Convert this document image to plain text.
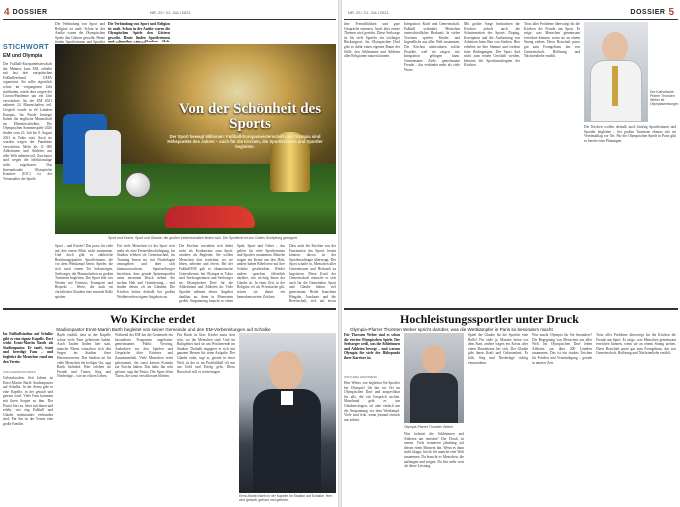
4 DOSSIER	NR. 29 / 21. JULI 2021
STICHWORT
EM und Olympia
Die Fußball-Europameisterschaft der Männer, kurz EM, erhielte mit fast drei europäischen Fußballverband UEFA organisiert. Sie sollte eigentlich schon im vergangenen Jahr stattfinden, wurde aber wegen der Corona-Pandemie um ein Jahr verschoben. An der EM 2021 nahmen 24 Mannschaften teil. Gespielt wurde in elf Ländern Europas. Im Finale besiegte Italien die englische Mannschaft im Elfmeterschießen. Die Olympischen Sommerspiele 2020 finden vom 23. Juli bis 8. August 2021 in Tokio statt. Auch sie wurden wegen der Pandemie verschoben. Mehr als 11 000 Athletinnen und Athleten aus aller Welt nehmen teil, Zuschauer sind wegen der Infektionslage nicht zugelassen. Das Internationale Olympische Komitee (IOC) ist der Veranstalter der Spiele.
Die Verbindung von Sport und Religion ist uralt. Schon in der Antike waren die Olympischen Spiele den Göttern geweiht. Heute finden Sportlerinnen
VON SEBASTIAN WERNER
Von der Schönheit des Sports
Der Sport bewegt Millionen: Fußball-Europameisterschaft und Olympia sind Höhepunkte des Jahres – auch für die Kirchen, die Sportlerinnen und Sportler begleiten.
Sport und Kirche, Sport und Glaube, die großen Leidenschaften finden sich. Die Sportlerin ist von Gottes Schöpfung gesegnet.
Die Verbindung von Sport und Religion ist uralt. Schon in der Antike waren die Olympischen Spiele den Göttern geweiht. Heute finden Sportlerinnen und Sportler
Sport – und Kirche? Das passt für viele auf den ersten Blick nicht zusammen. Und doch gibt es zahlreiche Berührungspunkte: Sportlerinnen, die vor dem Wettkampf beten, Spieler, die sich nach einem Tor bekreuzigen, Seelsorger, die Mannschaften zu großen Turnieren begleiten. Der Sport lebt von Werten wie Fairness, Teamgeist und Respekt – Werte, die auch im christlichen Glauben eine zentrale Rolle spielen.
Für viele Menschen ist der Sport weit mehr als eine Freizeitbeschäftigung. Im Stadion erleben sie Gemeinschaft, im Training lernen sie, mit Niederlagen umzugehen und über sich hinauszuwachsen. Sportseelsorger berichten, dass gerade Spitzensportler unter enormem Druck stehen. Sie suchen Halt und Orientierung – und finden diesen oft im Glauben. Die Kirchen bieten deshalb bei großen Wettbewerben eigene Angebote an.
Die Kirchen verstehen sich dabei nicht als Konkurrenz zum Sport, sondern als Begleiter. Sie wollen Menschen dort erreichen, wo sie leben, arbeiten und feiern. Bei der Fußball-EM gab es ökumenische Gottesdienste, bei Olympia in Tokio sind Seelsorgerinnen und Seelsorger im Olympischen Dorf für die Athletinnen und Athleten da. Viele Sportler nehmen dieses Angebot dankbar an, denn in Momenten großer Anspannung braucht es einen
Spiel, Sport und Gebet – das gehört für viele Sportlerinnen und Sportler zusammen. Manche tragen ein Kreuz um den Hals, andere haben Bibelverse auf ihre Schuhe geschrieben. Wieder andere sprechen öffentlich darüber, wie wichtig ihnen der Glaube ist. In einer Zeit, in der Religion oft als Privatsache gilt, setzen sie damit ein bemerkenswertes Zeichen.
Dass auch die Kirchen von der Faszination des Sports lernen können, davon ist der Sportbeauftragte überzeugt. Der Sport schaffe es, Menschen aller Generationen und Herkunft zu begeistern. Diese Kraft der Gemeinschaft wünsche er sich auch für die Gemeinden. Sport und Glaube hätten viel gemeinsam: Beide brauchten Hingabe, Ausdauer und die Bereitschaft, sich auf etwas
Wo Kirche erdet
Stadionpastor Ernst-Martin Barth begleitet von seiner Gemeinde und den EM-Vorbereitungen auf Schalke
Im Fußballstadion auf Schalke gibt es eine eigene Kapelle. Dort wirkt Ernst-Martin Barth als Stadionpastor. Er tauft, traut und beerdigt Fans – und begleitet die Menschen rund um den Verein.
VON CHRISTIAN WOLF
Gelsenkirchen. Seit Jahren ist Ernst-Martin Barth Stadionpastor auf Schalke. In der Arena gibt es eine Kapelle, in der getauft und getraut wird. Viele Fans kommen mit ihren Sorgen zu ihm. Der Pastor hört zu, betet mit ihnen und erlebt, wie eng Fußball und Glaube miteinander verbunden sind. Für ihn ist der Verein eine große Familie.
Barth erzählt, dass in der Kapelle schon viele Fans geheiratet haben. Auch Taufen finden hier statt, manche Eltern wünschen sich den Segen im Stadion ihres Herzensvereins. Das Stadion sei für viele Menschen ein heiliger Ort, sagt Barth lächelnd. Hier erleben sie Freude und Trauer, Sieg und Niederlage – wie im echten Leben.
Während der EM hat die Gemeinde ein besonderes Programm angeboten: gemeinsames Public Viewing, Andachten vor den Spielen und Gespräche über Fairness und Zusammenhalt. Viele Menschen seien gekommen, die sonst keinen Kontakt zur Kirche hätten. Das habe ihn sehr gefreut, sagt der Pastor. Der Sport öffne Türen, die sonst verschlossen blieben.
Für Barth ist klar: Kirche muss dort sein, wo die Menschen sind. Und im Ruhrgebiet sind sie am Wochenende im Stadion. Deshalb engagiert er sich mit ganzem Herzen für seine Aufgabe. Der Glaube erdet, sagt er, gerade in einer Welt, in der es im Profifußball oft nur um Geld und Erfolg geht. Diese Botschaft will er weitertragen.
Ernst-Martin Barth in der Kapelle im Stadion auf Schalke. Hier wird getauft, getraut und gebetet.
NR. 29 / 21. JULI 2021	DOSSIER 5
ihre Freundlichkeit und gute Gespräche erinnern. Auch über ernste Themen wird geredet. Diese Seelsorge ist für viele Sportler ein wichtiger Rückzugsort. Im Olympischen Dorf gibt es dafür einen eigenen Raum der Stille, den Athletinnen und Athleten aller Religionen nutzen können.
Integration: Kraft und Gemeinschaft. Fußball verbindet Menschen unterschiedlicher Herkunft. In vielen Vereinen spielen Kinder und Jugendliche aus aller Welt zusammen. Die Kirchen unterstützen solche Projekte, weil sie zeigen, wie Integration gelingen kann. Gemeinsame Ziele, gemeinsame Freude – das verbindet mehr als viele Worte.
Mit großer Sorge beobachten die Kirchen jedoch auch die Schattenseiten des Sports: Doping, Korruption und die Ausbeutung von Arbeitern beim Bau von Stadien. Hier erheben sie ihre Stimme und fordern faire Bedingungen. Der Sport darf nicht zum reinen Geschäft werden, betonen die Sportbeauftragten der Kirchen.
Trotz aller Probleme überwiegt für die Kirchen die Freude am Sport. Er zeige, was Menschen gemeinsam erreichen können, wenn sie an einem Strang ziehen. Diese Botschaft passe gut zum Evangelium, das von Gemeinschaft, Hoffnung und Nächstenliebe erzählt.
Die Kirchen wollen deshalb auch künftig Sportlerinnen und Sportler begleiten – bei großen Turnieren ebenso wie im Vereinsalltag vor Ort. Für die Olympischen Spiele in Paris gibt es bereits erste Planungen.
Der Katholische Pfarrer Thorsten Weber ist Olympiaseelsorger.
Hochleistungssportler unter Druck
Olympia-Pfarrer Thorsten Weber spricht darüber, was die Wettkämpfer in Paris so besonders macht
Für Thorsten Weber sind es schon die vierten Olympischen Spiele. Der Seelsorger weiß, was die Athletinnen und Athleten bewegt – und warum Olympia für viele der Höhepunkt ihrer Karriere ist.
VON LENA HOFFMANN
Herr Weber, wie begleiten Sie Sportler bei Olympia? Ich bin vor Ort im Olympischen Dorf und ansprechbar für alle, die ein Gespräch suchen. Manchmal geht es um Glaubensfragen, oft aber einfach um die Anspannung vor dem Wettkampf. Viele sind froh, wenn jemand einfach nur zuhört.
Olympia-Pfarrer Thorsten Weber
Was belastet die Athletinnen und Athleten am meisten? Der Druck ist enorm. Viele trainieren jahrelang auf diesen einen Moment hin. Wenn es dann nicht klappt, bricht für manche eine Welt zusammen. Da braucht es Menschen, die auffangen und zeigen: Du bist mehr wert als deine Leistung.
Spielt der Glaube für die Sportler eine Rolle? Für viele ja. Manche beten vor dem Start, andere tragen ein Kreuz oder einen Rosenkranz bei sich. Der Glaube gibt ihnen Kraft und Gelassenheit. Er hilft, Sieg und Niederlage richtig einzuordnen.
Was macht Olympia für Sie besonders? Die Begegnung von Menschen aus aller Welt. Im Olympischen Dorf leben Athleten aus über 200 Ländern zusammen. Das ist ein starkes Zeichen für Frieden und Verständigung – gerade in unserer Zeit.
Trotz aller Probleme überwiegt für die Kirchen die Freude am Sport. Er zeige, was Menschen gemeinsam erreichen können, wenn sie an einem Strang ziehen. Diese Botschaft passe gut zum Evangelium, das von Gemeinschaft, Hoffnung und Nächstenliebe erzählt.
